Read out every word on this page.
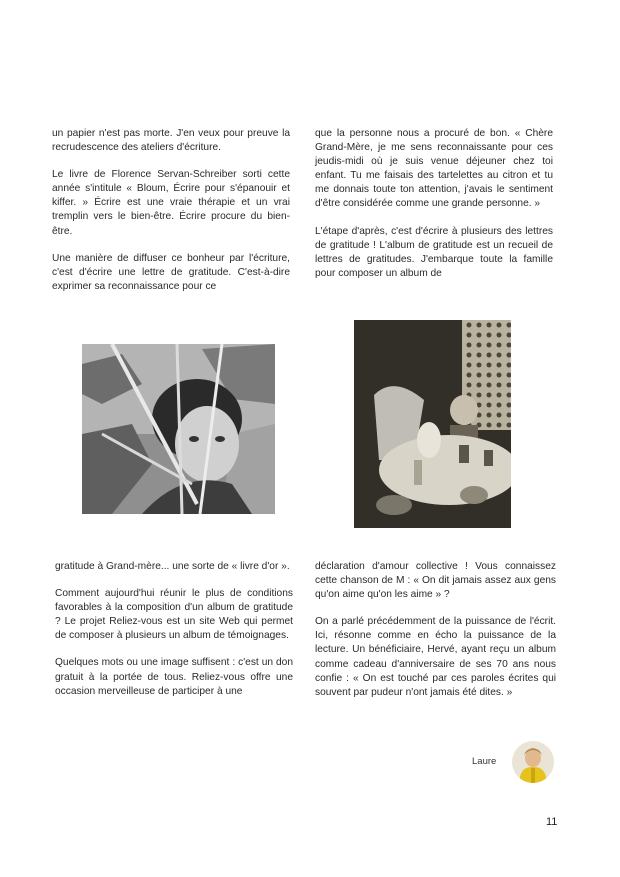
un papier n'est pas morte. J'en veux pour preuve la recrudescence des ateliers d'écriture.

Le livre de Florence Servan-Schreiber sorti cette année s'intitule « Bloum, Écrire pour s'épanouir et kiffer. » Écrire est une vraie thérapie et un vrai tremplin vers le bien-être. Écrire procure du bien-être.

Une manière de diffuser ce bonheur par l'écriture, c'est d'écrire une lettre de gratitude. C'est-à-dire exprimer sa reconnaissance pour ce

que la personne nous a procuré de bon. « Chère Grand-Mère, je me sens reconnaissante pour ces jeudis-midi où je suis venue déjeuner chez toi enfant. Tu me faisais des tartelettes au citron et tu me donnais toute ton attention, j'avais le sentiment d'être considérée comme une grande personne. »

L'étape d'après, c'est d'écrire à plusieurs des lettres de gratitude ! L'album de gratitude est un recueil de lettres de gratitudes. J'embarque toute la famille pour composer un album de

gratitude à Grand-mère... une sorte de « livre d'or ».

Comment aujourd'hui réunir le plus de conditions favorables à la composition d'un album de gratitude ? Le projet Reliez-vous est un site Web qui permet de composer à plusieurs un album de témoignages.

Quelques mots ou une image suffisent : c'est un don gratuit à la portée de tous. Reliez-vous offre une occasion merveilleuse de participer à une

déclaration d'amour collective ! Vous connaissez cette chanson de M : « On dit jamais assez aux gens qu'on aime qu'on les aime » ?

On a parlé précédemment de la puissance de l'écrit. Ici, résonne comme en écho la puissance de la lecture. Un bénéficiaire, Hervé, ayant reçu un album comme cadeau d'anniversaire de ses 70 ans nous confie : « On est touché par ces paroles écrites qui souvent par pudeur n'ont jamais été dites. »

Laure
11
